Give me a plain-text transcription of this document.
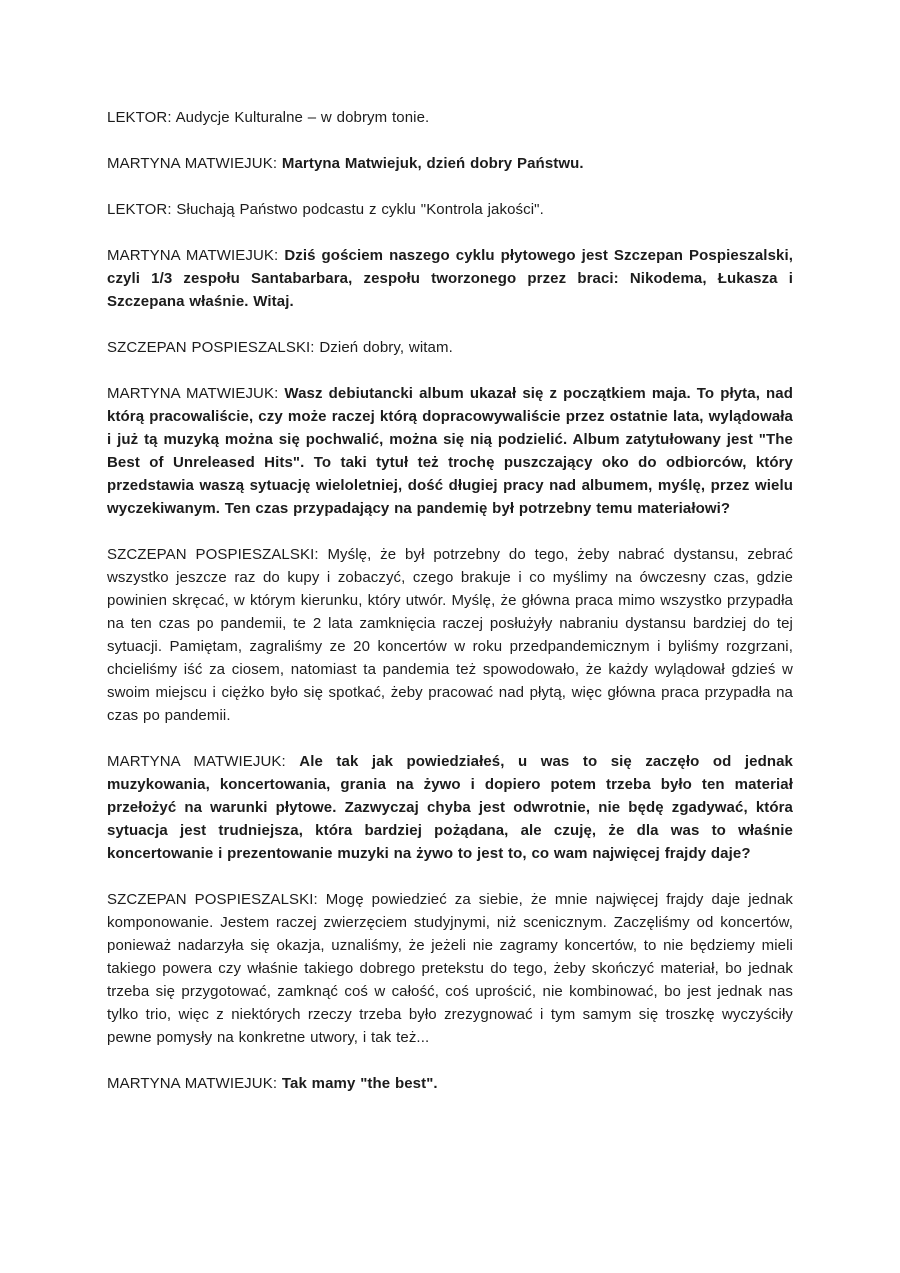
LEKTOR: Audycje Kulturalne – w dobrym tonie.

MARTYNA MATWIEJUK: Martyna Matwiejuk, dzień dobry Państwu.

LEKTOR: Słuchają Państwo podcastu z cyklu "Kontrola jakości".

MARTYNA MATWIEJUK: Dziś gościem naszego cyklu płytowego jest Szczepan Pospieszalski, czyli 1/3 zespołu Santabarbara, zespołu tworzonego przez braci: Nikodema, Łukasza i Szczepana właśnie. Witaj.

SZCZEPAN POSPIESZALSKI: Dzień dobry, witam.

MARTYNA MATWIEJUK: Wasz debiutancki album ukazał się z początkiem maja. To płyta, nad którą pracowaliście, czy może raczej którą dopracowywaliście przez ostatnie lata, wylądowała i już tą muzyką można się pochwalić, można się nią podzielić. Album zatytułowany jest "The Best of Unreleased Hits". To taki tytuł też trochę puszczający oko do odbiorców, który przedstawia waszą sytuację wieloletniej, dość długiej pracy nad albumem, myślę, przez wielu wyczekiwanym. Ten czas przypadający na pandemię był potrzebny temu materiałowi?

SZCZEPAN POSPIESZALSKI: Myślę, że był potrzebny do tego, żeby nabrać dystansu, zebrać wszystko jeszcze raz do kupy i zobaczyć, czego brakuje i co myślimy na ówczesny czas, gdzie powinien skręcać, w którym kierunku, który utwór. Myślę, że główna praca mimo wszystko przypadła na ten czas po pandemii, te 2 lata zamknięcia raczej posłużyły nabraniu dystansu bardziej do tej sytuacji. Pamiętam, zagraliśmy ze 20 koncertów w roku przedpandemicznym i byliśmy rozgrzani, chcieliśmy iść za ciosem, natomiast ta pandemia też spowodowało, że każdy wylądował gdzieś w swoim miejscu i ciężko było się spotkać, żeby pracować nad płytą, więc główna praca przypadła na czas po pandemii.

MARTYNA MATWIEJUK: Ale tak jak powiedziałeś, u was to się zaczęło od jednak muzykowania, koncertowania, grania na żywo i dopiero potem trzeba było ten materiał przełożyć na warunki płytowe. Zazwyczaj chyba jest odwrotnie, nie będę zgadywać, która sytuacja jest trudniejsza, która bardziej pożądana, ale czuję, że dla was to właśnie koncertowanie i prezentowanie muzyki na żywo to jest to, co wam najwięcej frajdy daje?

SZCZEPAN POSPIESZALSKI: Mogę powiedzieć za siebie, że mnie najwięcej frajdy daje jednak komponowanie. Jestem raczej zwierzęciem studyjnymi, niż scenicznym. Zaczęliśmy od koncertów, ponieważ nadarzyła się okazja, uznaliśmy, że jeżeli nie zagramy koncertów, to nie będziemy mieli takiego powera czy właśnie takiego dobrego pretekstu do tego, żeby skończyć materiał, bo jednak trzeba się przygotować, zamknąć coś w całość, coś uprościć, nie kombinować, bo jest jednak nas tylko trio, więc z niektórych rzeczy trzeba było zrezygnować i tym samym się troszkę wyczyściły pewne pomysły na konkretne utwory, i tak też...

MARTYNA MATWIEJUK: Tak mamy "the best".
